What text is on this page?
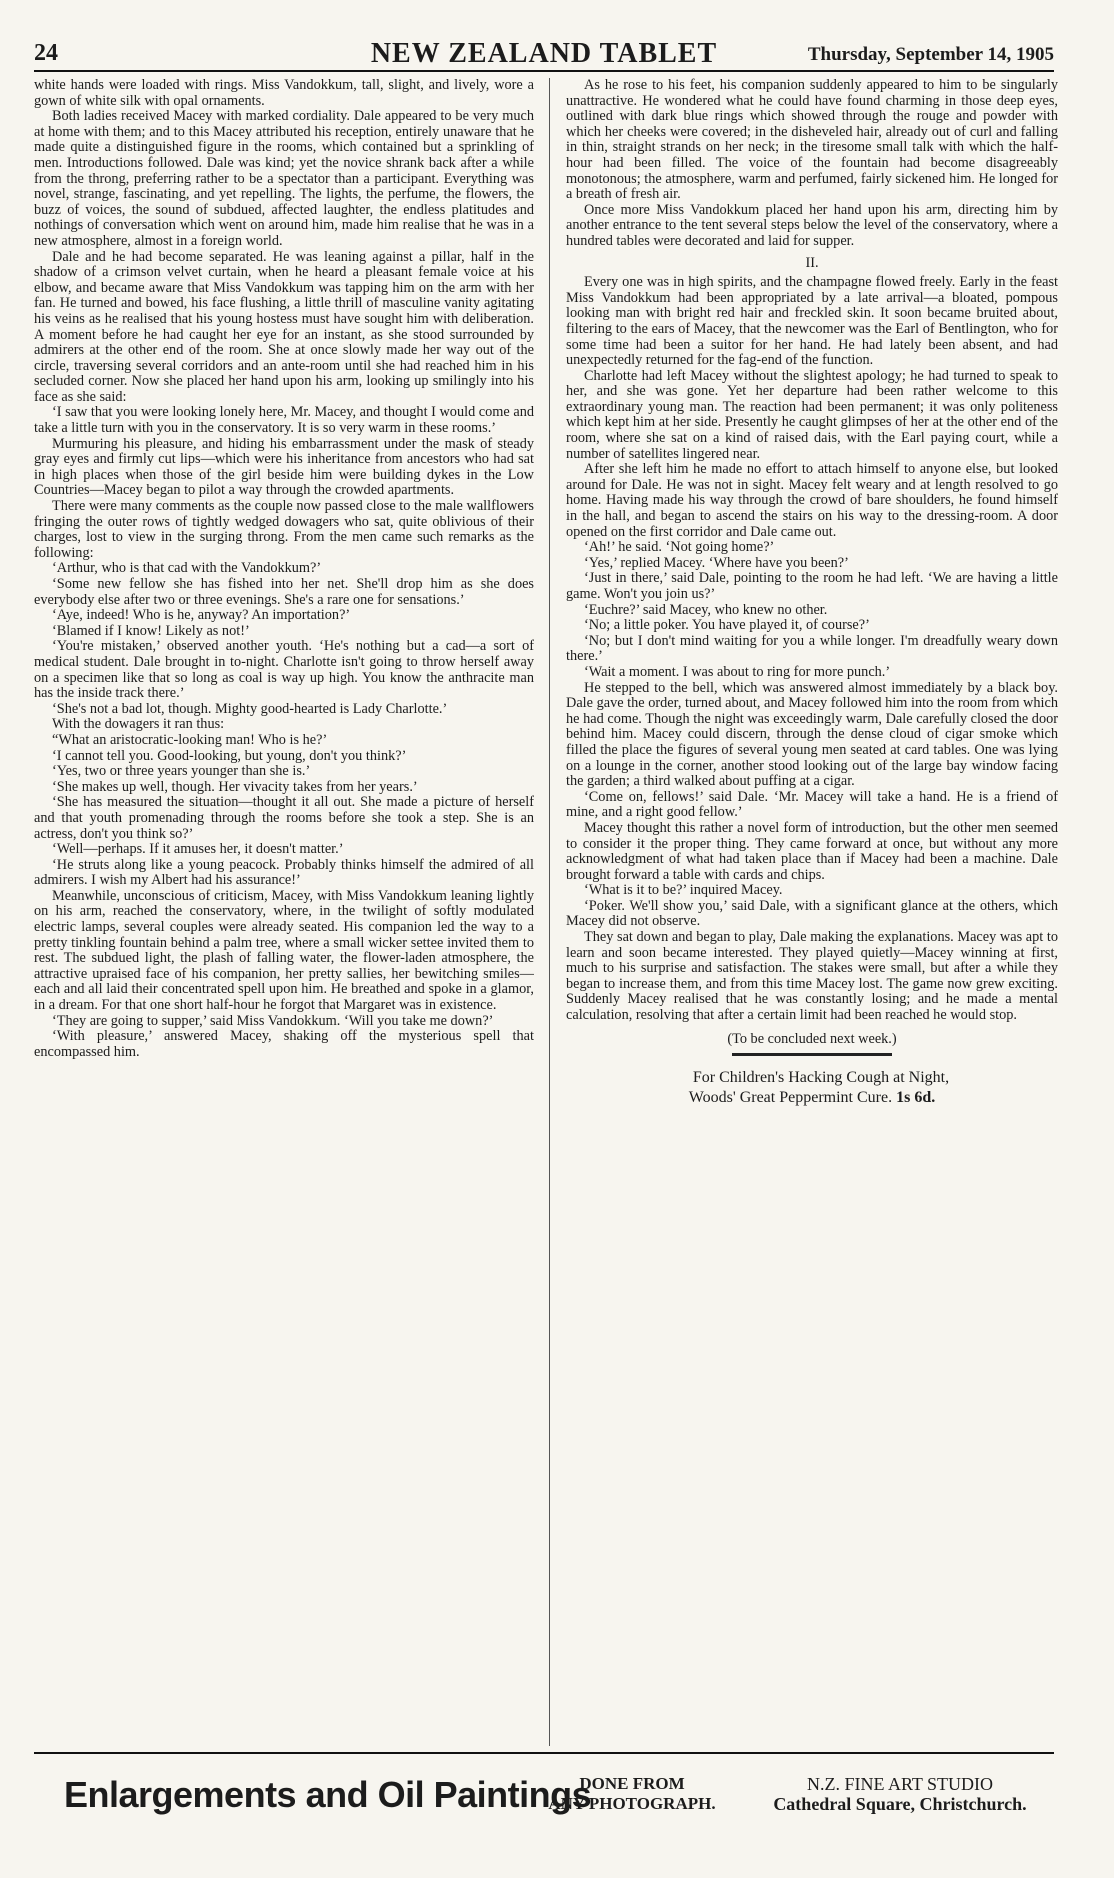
24	NEW ZEALAND TABLET	Thursday, September 14, 1905

white hands were loaded with rings. Miss Vandokkum, tall, slight, and lively, wore a gown of white silk with opal ornaments.

Both ladies received Macey with marked cordiality. Dale appeared to be very much at home with them; and to this Macey attributed his reception, entirely unaware that he made quite a distinguished figure in the rooms, which contained but a sprinkling of men. Introductions followed. Dale was kind; yet the novice shrank back after a while from the throng, preferring rather to be a spectator than a participant. Everything was novel, strange, fascinating, and yet repelling. The lights, the perfume, the flowers, the buzz of voices, the sound of subdued, affected laughter, the endless platitudes and nothings of conversation which went on around him, made him realise that he was in a new atmosphere, almost in a foreign world.

Dale and he had become separated. He was leaning against a pillar, half in the shadow of a crimson velvet curtain, when he heard a pleasant female voice at his elbow, and became aware that Miss Vandokkum was tapping him on the arm with her fan. He turned and bowed, his face flushing, a little thrill of masculine vanity agitating his veins as he realised that his young hostess must have sought him with deliberation. A moment before he had caught her eye for an instant, as she stood surrounded by admirers at the other end of the room. She at once slowly made her way out of the circle, traversing several corridors and an ante-room until she had reached him in his secluded corner. Now she placed her hand upon his arm, looking up smilingly into his face as she said:

‘I saw that you were looking lonely here, Mr. Macey, and thought I would come and take a little turn with you in the conservatory. It is so very warm in these rooms.’

Murmuring his pleasure, and hiding his embarrassment under the mask of steady gray eyes and firmly cut lips—which were his inheritance from ancestors who had sat in high places when those of the girl beside him were building dykes in the Low Countries—Macey began to pilot a way through the crowded apartments.

There were many comments as the couple now passed close to the male wallflowers fringing the outer rows of tightly wedged dowagers who sat, quite oblivious of their charges, lost to view in the surging throng. From the men came such remarks as the following:

‘Arthur, who is that cad with the Vandokkum?’

‘Some new fellow she has fished into her net. She'll drop him as she does everybody else after two or three evenings. She's a rare one for sensations.’

‘Aye, indeed! Who is he, anyway? An importation?’

‘Blamed if I know! Likely as not!’

‘You're mistaken,’ observed another youth. ‘He's nothing but a cad—a sort of medical student. Dale brought in to-night. Charlotte isn't going to throw herself away on a specimen like that so long as coal is way up high. You know the anthracite man has the inside track there.’

‘She's not a bad lot, though. Mighty good-hearted is Lady Charlotte.’

With the dowagers it ran thus:

“What an aristocratic-looking man! Who is he?’

‘I cannot tell you. Good-looking, but young, don't you think?’

‘Yes, two or three years younger than she is.’

‘She makes up well, though. Her vivacity takes from her years.’

‘She has measured the situation—thought it all out. She made a picture of herself and that youth promenading through the rooms before she took a step. She is an actress, don't you think so?’

‘Well—perhaps. If it amuses her, it doesn't matter.’

‘He struts along like a young peacock. Probably thinks himself the admired of all admirers. I wish my Albert had his assurance!’

Meanwhile, unconscious of criticism, Macey, with Miss Vandokkum leaning lightly on his arm, reached the conservatory, where, in the twilight of softly modulated electric lamps, several couples were already seated. His companion led the way to a pretty tinkling fountain behind a palm tree, where a small wicker settee invited them to rest. The subdued light, the plash of falling water, the flower-laden atmosphere, the attractive upraised face of his companion, her pretty sallies, her bewitching smiles—each and all laid their concentrated spell upon him. He breathed and spoke in a glamor, in a dream. For that one short half-hour he forgot that Margaret was in existence.

‘They are going to supper,’ said Miss Vandokkum. ‘Will you take me down?’

‘With pleasure,’ answered Macey, shaking off the mysterious spell that encompassed him.

As he rose to his feet, his companion suddenly appeared to him to be singularly unattractive. He wondered what he could have found charming in those deep eyes, outlined with dark blue rings which showed through the rouge and powder with which her cheeks were covered; in the disheveled hair, already out of curl and falling in thin, straight strands on her neck; in the tiresome small talk with which the half-hour had been filled. The voice of the fountain had become disagreeably monotonous; the atmosphere, warm and perfumed, fairly sickened him. He longed for a breath of fresh air.

Once more Miss Vandokkum placed her hand upon his arm, directing him by another entrance to the tent several steps below the level of the conservatory, where a hundred tables were decorated and laid for supper.

II.

Every one was in high spirits, and the champagne flowed freely. Early in the feast Miss Vandokkum had been appropriated by a late arrival—a bloated, pompous looking man with bright red hair and freckled skin. It soon became bruited about, filtering to the ears of Macey, that the newcomer was the Earl of Bentlington, who for some time had been a suitor for her hand. He had lately been absent, and had unexpectedly returned for the fag-end of the function.

Charlotte had left Macey without the slightest apology; he had turned to speak to her, and she was gone. Yet her departure had been rather welcome to this extraordinary young man. The reaction had been permanent; it was only politeness which kept him at her side. Presently he caught glimpses of her at the other end of the room, where she sat on a kind of raised dais, with the Earl paying court, while a number of satellites lingered near.

After she left him he made no effort to attach himself to anyone else, but looked around for Dale. He was not in sight. Macey felt weary and at length resolved to go home. Having made his way through the crowd of bare shoulders, he found himself in the hall, and began to ascend the stairs on his way to the dressing-room. A door opened on the first corridor and Dale came out.

‘Ah!’ he said. ‘Not going home?’

‘Yes,’ replied Macey. ‘Where have you been?’

‘Just in there,’ said Dale, pointing to the room he had left. ‘We are having a little game. Won't you join us?’

‘Euchre?’ said Macey, who knew no other.

‘No; a little poker. You have played it, of course?’

‘No; but I don't mind waiting for you a while longer. I'm dreadfully weary down there.’

‘Wait a moment. I was about to ring for more punch.’

He stepped to the bell, which was answered almost immediately by a black boy. Dale gave the order, turned about, and Macey followed him into the room from which he had come. Though the night was exceedingly warm, Dale carefully closed the door behind him. Macey could discern, through the dense cloud of cigar smoke which filled the place the figures of several young men seated at card tables. One was lying on a lounge in the corner, another stood looking out of the large bay window facing the garden; a third walked about puffing at a cigar.

‘Come on, fellows!’ said Dale. ‘Mr. Macey will take a hand. He is a friend of mine, and a right good fellow.’

Macey thought this rather a novel form of introduction, but the other men seemed to consider it the proper thing. They came forward at once, but without any more acknowledgment of what had taken place than if Macey had been a machine. Dale brought forward a table with cards and chips.

‘What is it to be?’ inquired Macey.

‘Poker. We'll show you,’ said Dale, with a significant glance at the others, which Macey did not observe.

They sat down and began to play, Dale making the explanations. Macey was apt to learn and soon became interested. They played quietly—Macey winning at first, much to his surprise and satisfaction. The stakes were small, but after a while they began to increase them, and from this time Macey lost. The game now grew exciting. Suddenly Macey realised that he was constantly losing; and he made a mental calculation, resolving that after a certain limit had been reached he would stop.

(To be concluded next week.)

For Children's Hacking Cough at Night,
Woods' Great Peppermint Cure. 1s 6d.

Enlargements and Oil Paintings
DONE FROM
ANY PHOTOGRAPH.
N.Z. FINE ART STUDIO
Cathedral Square, Christchurch.
